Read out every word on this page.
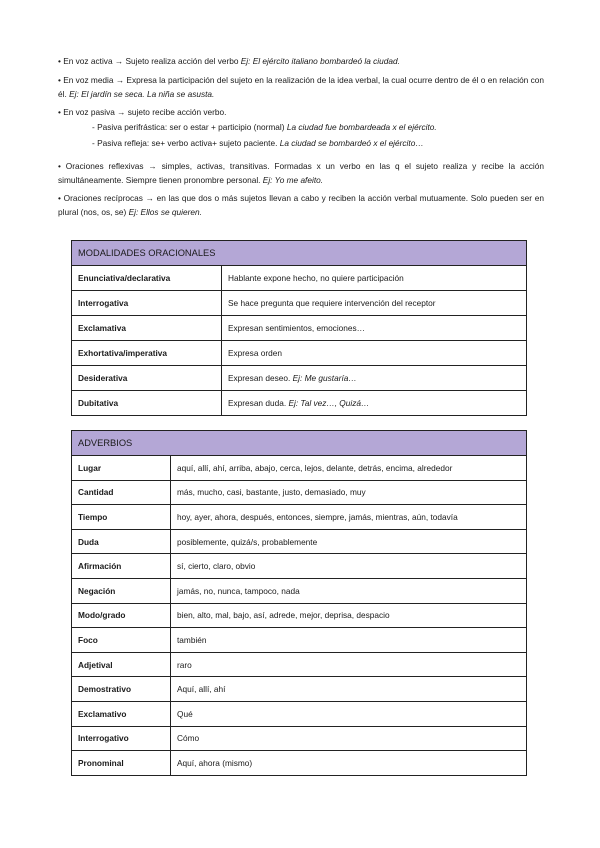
• En voz activa → Sujeto realiza acción del verbo Ej: El ejército italiano bombardeó la ciudad.

• En voz media → Expresa la participación del sujeto en la realización de la idea verbal, la cual ocurre dentro de él o en relación con él. Ej: El jardín se seca. La niña se asusta.

• En voz pasiva → sujeto recibe acción verbo.

- Pasiva perifrástica: ser o estar + participio (normal) La ciudad fue bombardeada x el ejército.

- Pasiva refleja: se+ verbo activa+ sujeto paciente. La ciudad se bombardeó x el ejército…

• Oraciones reflexivas → simples, activas, transitivas. Formadas x un verbo en las q el sujeto realiza y recibe la acción simultáneamente. Siempre tienen pronombre personal. Ej: Yo me afeito.

• Oraciones recíprocas → en las que dos o más sujetos llevan a cabo y reciben la acción verbal mutuamente. Solo pueden ser en plural (nos, os, se) Ej: Ellos se quieren.

MODALIDADES ORACIONALES	
Enunciativa/declarativa	Hablante expone hecho, no quiere participación
Interrogativa	Se hace pregunta que requiere intervención del receptor
Exclamativa	Expresan sentimientos, emociones…
Exhortativa/imperativa	Expresa orden
Desiderativa	Expresan deseo. Ej: Me gustaría…
Dubitativa	Expresan duda. Ej: Tal vez…, Quizá…
ADVERBIOS	
Lugar	aquí, allí, ahí, arriba, abajo, cerca, lejos, delante, detrás, encima, alrededor
Cantidad	más, mucho, casi, bastante, justo, demasiado, muy
Tiempo	hoy, ayer, ahora, después, entonces, siempre, jamás, mientras, aún, todavía
Duda	posiblemente, quizá/s, probablemente
Afirmación	sí, cierto, claro, obvio
Negación	jamás, no, nunca, tampoco, nada
Modo/grado	bien, alto, mal, bajo, así, adrede, mejor, deprisa, despacio
Foco	también
Adjetival	raro
Demostrativo	Aquí, allí, ahí
Exclamativo	Qué
Interrogativo	Cómo
Pronominal	Aquí, ahora (mismo)
